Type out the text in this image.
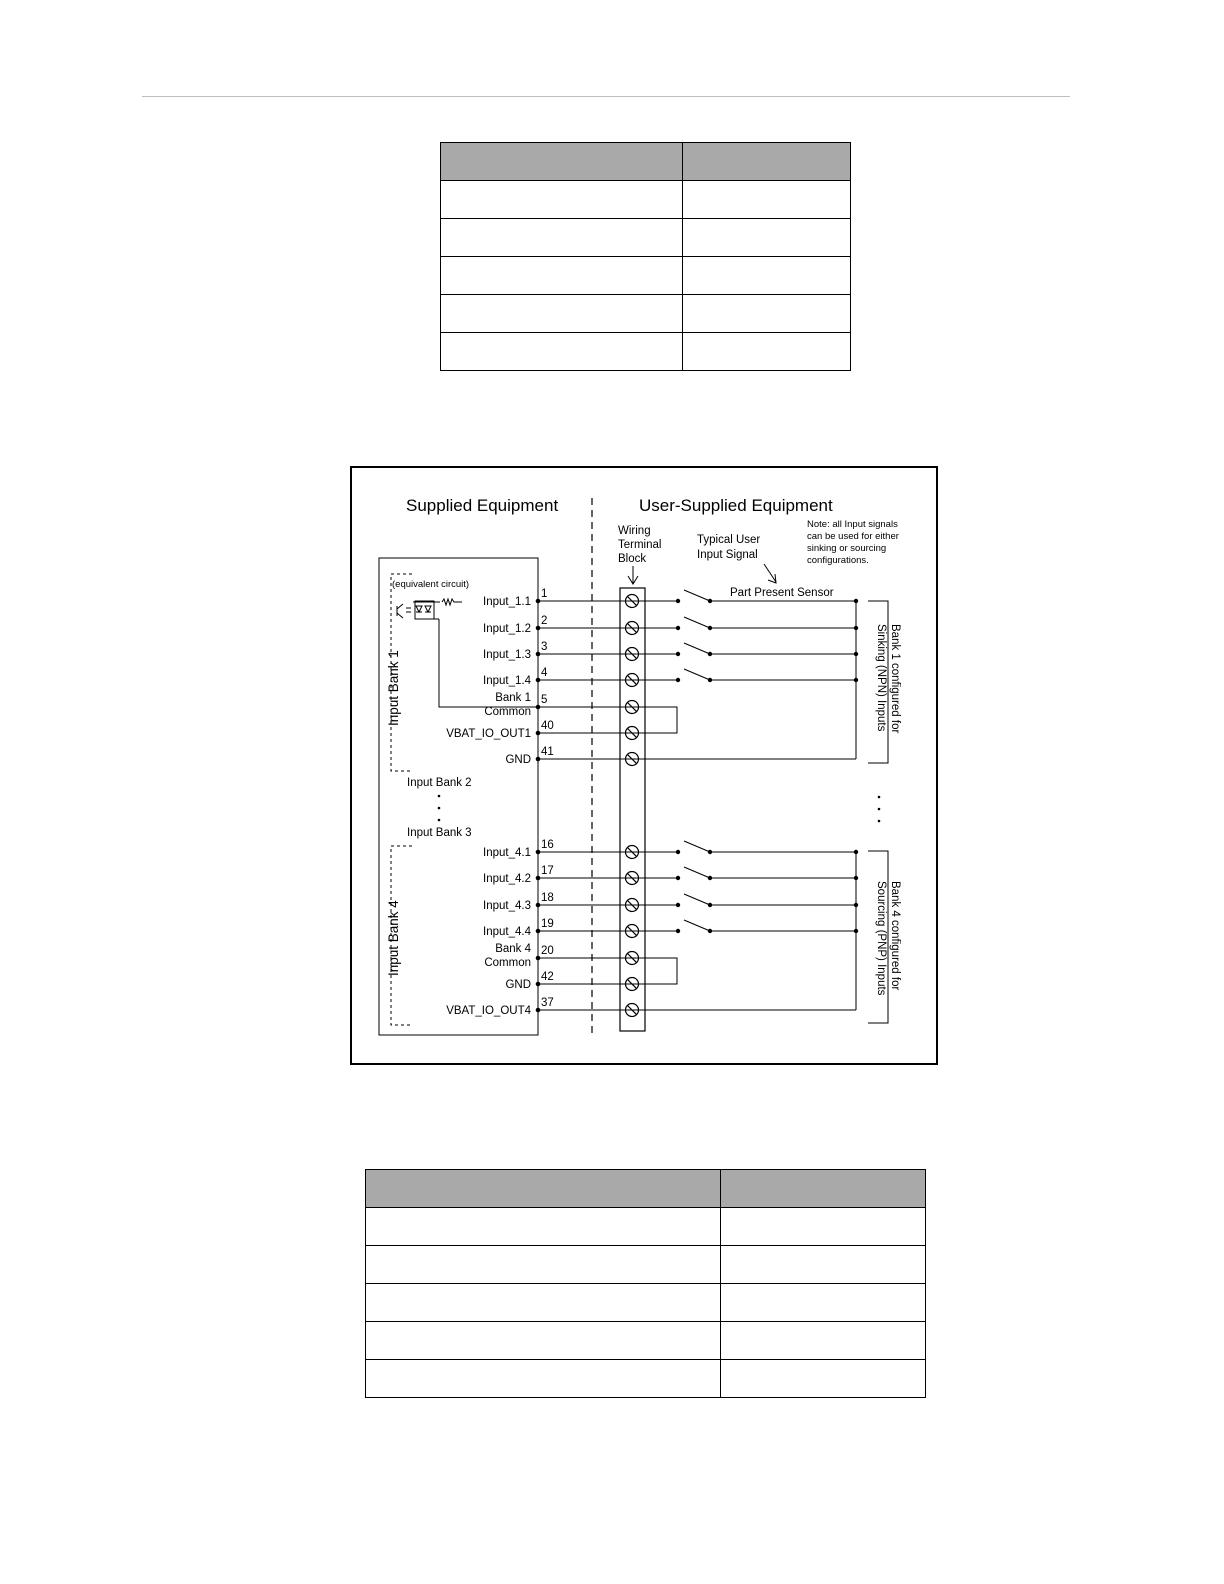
Supplied Equipment	User-Supplied Equipment
Wiring
Terminal
Block
Typical User
Input Signal
Note: all Input signals
can be used for either
sinking or sourcing
configurations.
(equivalent circuit)
Input Bank 1
Input Bank 2
Input Bank 3
Input Bank 4
Part Present Sensor
Bank 1 configured for
Sinking (NPN) Inputs
Bank 4 configured for
Sourcing (PNP) Inputs
Input_1.1
1
Input_1.2
2
Input_1.3
3
Input_1.4
4
Bank 1
Common
5
VBAT_IO_OUT1
40
GND
41
Input_4.1
16
Input_4.2
17
Input_4.3
18
Input_4.4
19
Bank 4
Common
20
GND
42
VBAT_IO_OUT4
37
